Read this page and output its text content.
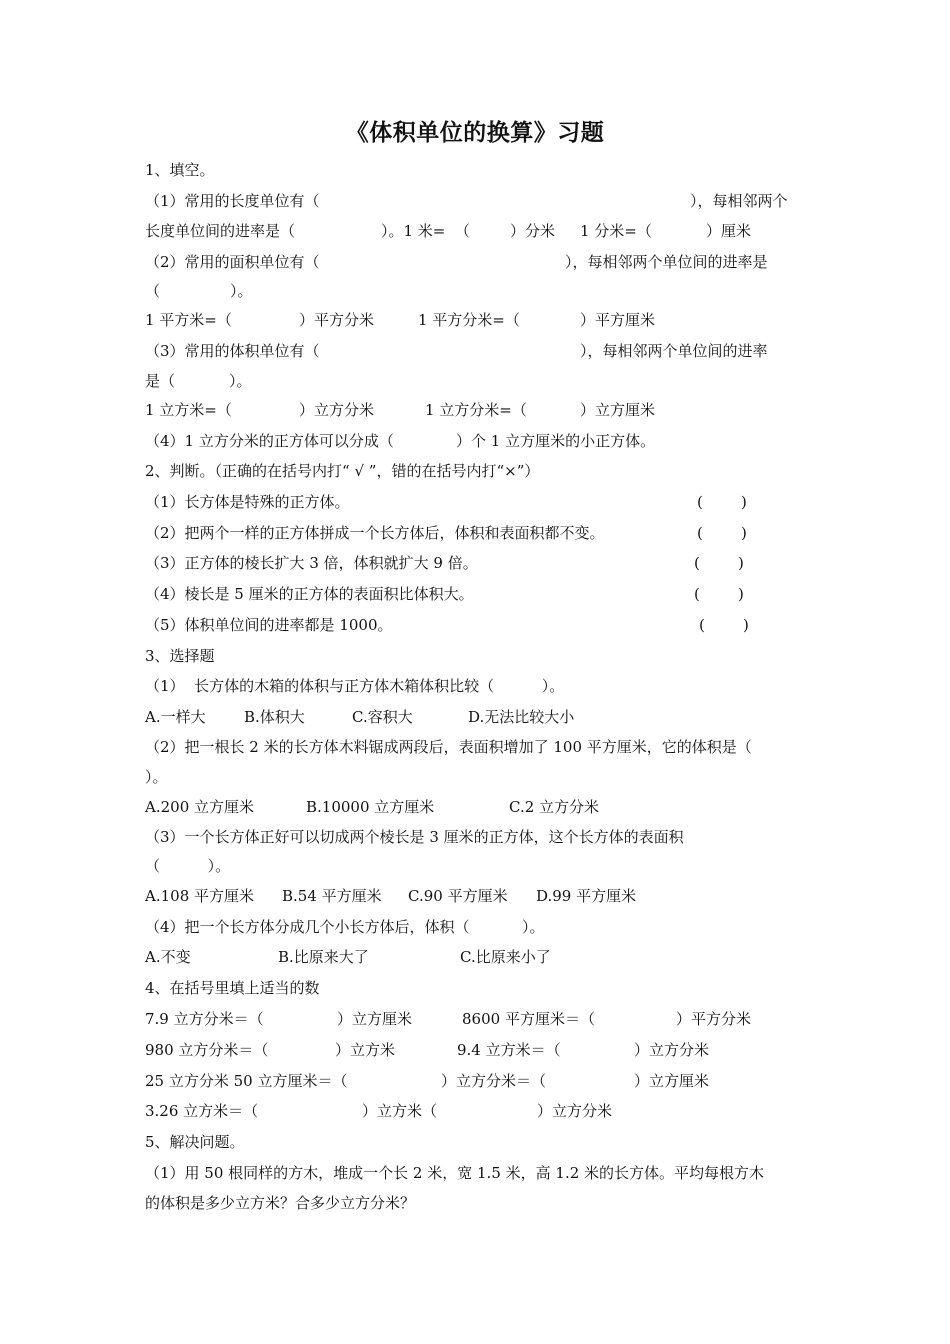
《体积单位的换算》习题
1、填空。
（1）常用的长度单位有（	），每相邻两个
长度单位间的进率是（	）。1 米=  （	）分米 1 分米=（	）厘米
（2）常用的面积单位有（	），每相邻两个单位间的进率是
（	）。
1 平方米=（	）平方分米	1 平方分米=（	）平方厘米
（3）常用的体积单位有（	），每相邻两个单位间的进率
是（	）。
1 立方米=（	）立方分米	1 立方分米=（	）立方厘米
（4）1 立方分米的正方体可以分成（	）个 1 立方厘米的小正方体。
2、判断。（正确的在括号内打“ √ ”，错的在括号内打“×”）
（1）长方体是特殊的正方体。	(        )
（2）把两个一样的正方体拼成一个长方体后，体积和表面积都不变。	(        )
（3）正方体的棱长扩大 3 倍，体积就扩大 9 倍。	(        )
（4）棱长是 5 厘米的正方体的表面积比体积大。	(        )
（5）体积单位间的进率都是 1000。	(        )
3、选择题
（1）  长方体的木箱的体积与正方体木箱体积比较（          ）。
A.一样大	B.体积大	C.容积大	D.无法比较大小
（2）把一根长 2 米的长方体木料锯成两段后，表面积增加了 100 平方厘米，它的体积是（
）。
A.200 立方厘米	B.10000 立方厘米	C.2 立方分米
（3）一个长方体正好可以切成两个棱长是 3 厘米的正方体，这个长方体的表面积
（          ）。
A.108 平方厘米 B.54 平方厘米 C.90 平方厘米 D.99 平方厘米
（4）把一个长方体分成几个小长方体后，体积（           ）。
A.不变	B.比原来大了	C.比原来小了
4、在括号里填上适当的数
7.9 立方分米＝（	）立方厘米	8600 平方厘米＝（	）平方分米
980 立方分米＝（	）立方米	9.4 立方米＝（	）立方分米
25 立方分米 50 立方厘米＝（	）立方分米＝（	）立方厘米
3.26 立方米＝（	）立方米（	）立方分米
5、解决问题。
（1）用 50 根同样的方木，堆成一个长 2 米，宽 1.5 米，高 1.2 米的长方体。平均每根方木
的体积是多少立方米？合多少立方分米？
